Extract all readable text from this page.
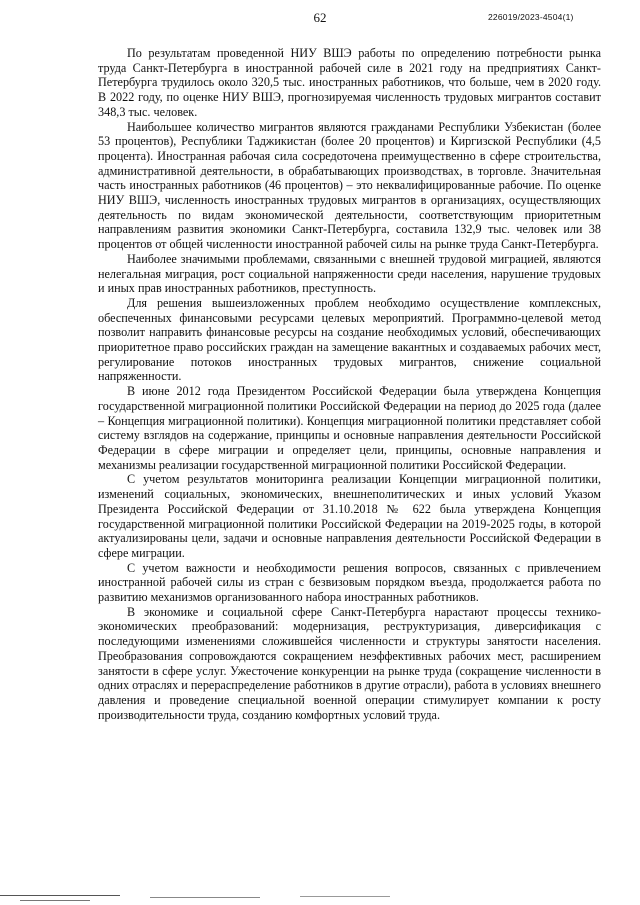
62	226019/2023-4504(1)

По результатам проведенной НИУ ВШЭ работы по определению потребности рынка труда Санкт-Петербурга в иностранной рабочей силе в 2021 году на предприятиях Санкт-Петербурга трудилось около 320,5 тыс. иностранных работников, что больше, чем в 2020 году. В 2022 году, по оценке НИУ ВШЭ, прогнозируемая численность трудовых мигрантов составит 348,3 тыс. человек.

Наибольшее количество мигрантов являются гражданами Республики Узбекистан (более 53 процентов), Республики Таджикистан (более 20 процентов) и Киргизской Республики (4,5 процента). Иностранная рабочая сила сосредоточена преимущественно в сфере строительства, административной деятельности, в обрабатывающих производствах, в торговле. Значительная часть иностранных работников (46 процентов) – это неквалифицированные рабочие. По оценке НИУ ВШЭ, численность иностранных трудовых мигрантов в организациях, осуществляющих деятельность по видам экономической деятельности, соответствующим приоритетным направлениям развития экономики Санкт-Петербурга, составила 132,9 тыс. человек или 38 процентов от общей численности иностранной рабочей силы на рынке труда Санкт-Петербурга.

Наиболее значимыми проблемами, связанными с внешней трудовой миграцией, являются нелегальная миграция, рост социальной напряженности среди населения, нарушение трудовых и иных прав иностранных работников, преступность.

Для решения вышеизложенных проблем необходимо осуществление комплексных, обеспеченных финансовыми ресурсами целевых мероприятий. Программно-целевой метод позволит направить финансовые ресурсы на создание необходимых условий, обеспечивающих приоритетное право российских граждан на замещение вакантных и создаваемых рабочих мест, регулирование потоков иностранных трудовых мигрантов, снижение социальной напряженности.

В июне 2012 года Президентом Российской Федерации была утверждена Концепция государственной миграционной политики Российской Федерации на период до 2025 года (далее – Концепция миграционной политики). Концепция миграционной политики представляет собой систему взглядов на содержание, принципы и основные направления деятельности Российской Федерации в сфере миграции и определяет цели, принципы, основные направления и механизмы реализации государственной миграционной политики Российской Федерации.

С учетом результатов мониторинга реализации Концепции миграционной политики, изменений социальных, экономических, внешнеполитических и иных условий Указом Президента Российской Федерации от 31.10.2018 № 622 была утверждена Концепция государственной миграционной политики Российской Федерации на 2019-2025 годы, в которой актуализированы цели, задачи и основные направления деятельности Российской Федерации в сфере миграции.

С учетом важности и необходимости решения вопросов, связанных с привлечением иностранной рабочей силы из стран с безвизовым порядком въезда, продолжается работа по развитию механизмов организованного набора иностранных работников.

В экономике и социальной сфере Санкт-Петербурга нарастают процессы технико-экономических преобразований: модернизация, реструктуризация, диверсификация с последующими изменениями сложившейся численности и структуры занятости населения. Преобразования сопровождаются сокращением неэффективных рабочих мест, расширением занятости в сфере услуг. Ужесточение конкуренции на рынке труда (сокращение численности в одних отраслях и перераспределение работников в другие отрасли), работа в условиях внешнего давления и проведение специальной военной операции стимулирует компании к росту производительности труда, созданию комфортных условий труда.
